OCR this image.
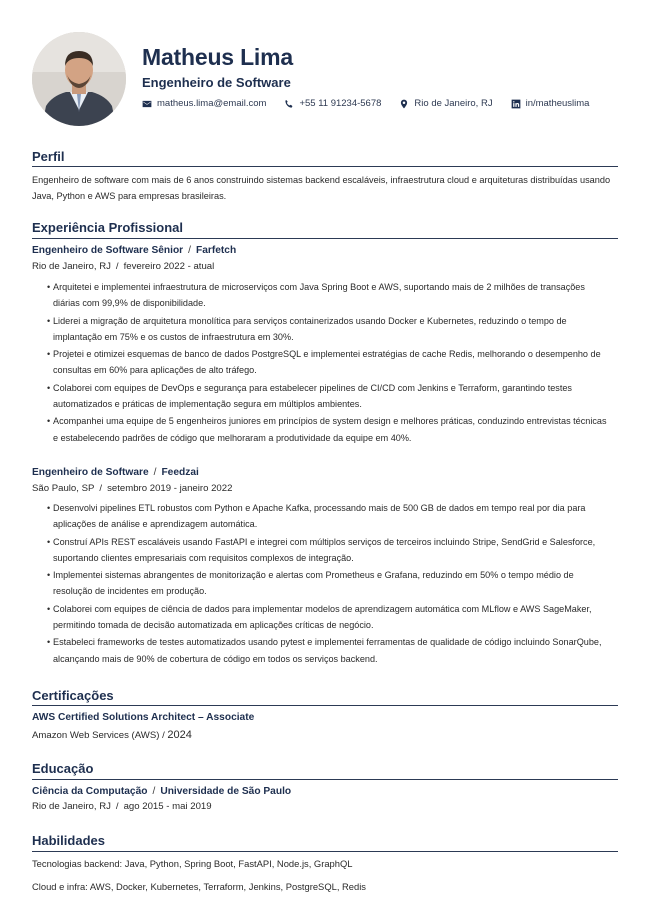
Matheus Lima
Engenheiro de Software
matheus.lima@email.com	+55 11 91234-5678	Rio de Janeiro, RJ	in/matheuslima
Perfil
Engenheiro de software com mais de 6 anos construindo sistemas backend escaláveis, infraestrutura cloud e arquiteturas distribuídas usando Java, Python e AWS para empresas brasileiras.
Experiência Profissional
Engenheiro de Software Sênior / Farfetch
Rio de Janeiro, RJ / fevereiro 2022 - atual
• Arquitetei e implementei infraestrutura de microserviços com Java Spring Boot e AWS, suportando mais de 2 milhões de transações diárias com 99,9% de disponibilidade.
• Liderei a migração de arquitetura monolítica para serviços containerizados usando Docker e Kubernetes, reduzindo o tempo de implantação em 75% e os custos de infraestrutura em 30%.
• Projetei e otimizei esquemas de banco de dados PostgreSQL e implementei estratégias de cache Redis, melhorando o desempenho de consultas em 60% para aplicações de alto tráfego.
• Colaborei com equipes de DevOps e segurança para estabelecer pipelines de CI/CD com Jenkins e Terraform, garantindo testes automatizados e práticas de implementação segura em múltiplos ambientes.
• Acompanhei uma equipe de 5 engenheiros juniores em princípios de system design e melhores práticas, conduzindo entrevistas técnicas e estabelecendo padrões de código que melhoraram a produtividade da equipe em 40%.
Engenheiro de Software / Feedzai
São Paulo, SP / setembro 2019 - janeiro 2022
• Desenvolvi pipelines ETL robustos com Python e Apache Kafka, processando mais de 500 GB de dados em tempo real por dia para aplicações de análise e aprendizagem automática.
• Construí APIs REST escaláveis usando FastAPI e integrei com múltiplos serviços de terceiros incluindo Stripe, SendGrid e Salesforce, suportando clientes empresariais com requisitos complexos de integração.
• Implementei sistemas abrangentes de monitorização e alertas com Prometheus e Grafana, reduzindo em 50% o tempo médio de resolução de incidentes em produção.
• Colaborei com equipes de ciência de dados para implementar modelos de aprendizagem automática com MLflow e AWS SageMaker, permitindo tomada de decisão automatizada em aplicações críticas de negócio.
• Estabeleci frameworks de testes automatizados usando pytest e implementei ferramentas de qualidade de código incluindo SonarQube, alcançando mais de 90% de cobertura de código em todos os serviços backend.
Certificações
AWS Certified Solutions Architect – Associate
Amazon Web Services (AWS) / 2024
Educação
Ciência da Computação / Universidade de São Paulo
Rio de Janeiro, RJ / ago 2015 - mai 2019
Habilidades
Tecnologias backend: Java, Python, Spring Boot, FastAPI, Node.js, GraphQL
Cloud e infra: AWS, Docker, Kubernetes, Terraform, Jenkins, PostgreSQL, Redis
